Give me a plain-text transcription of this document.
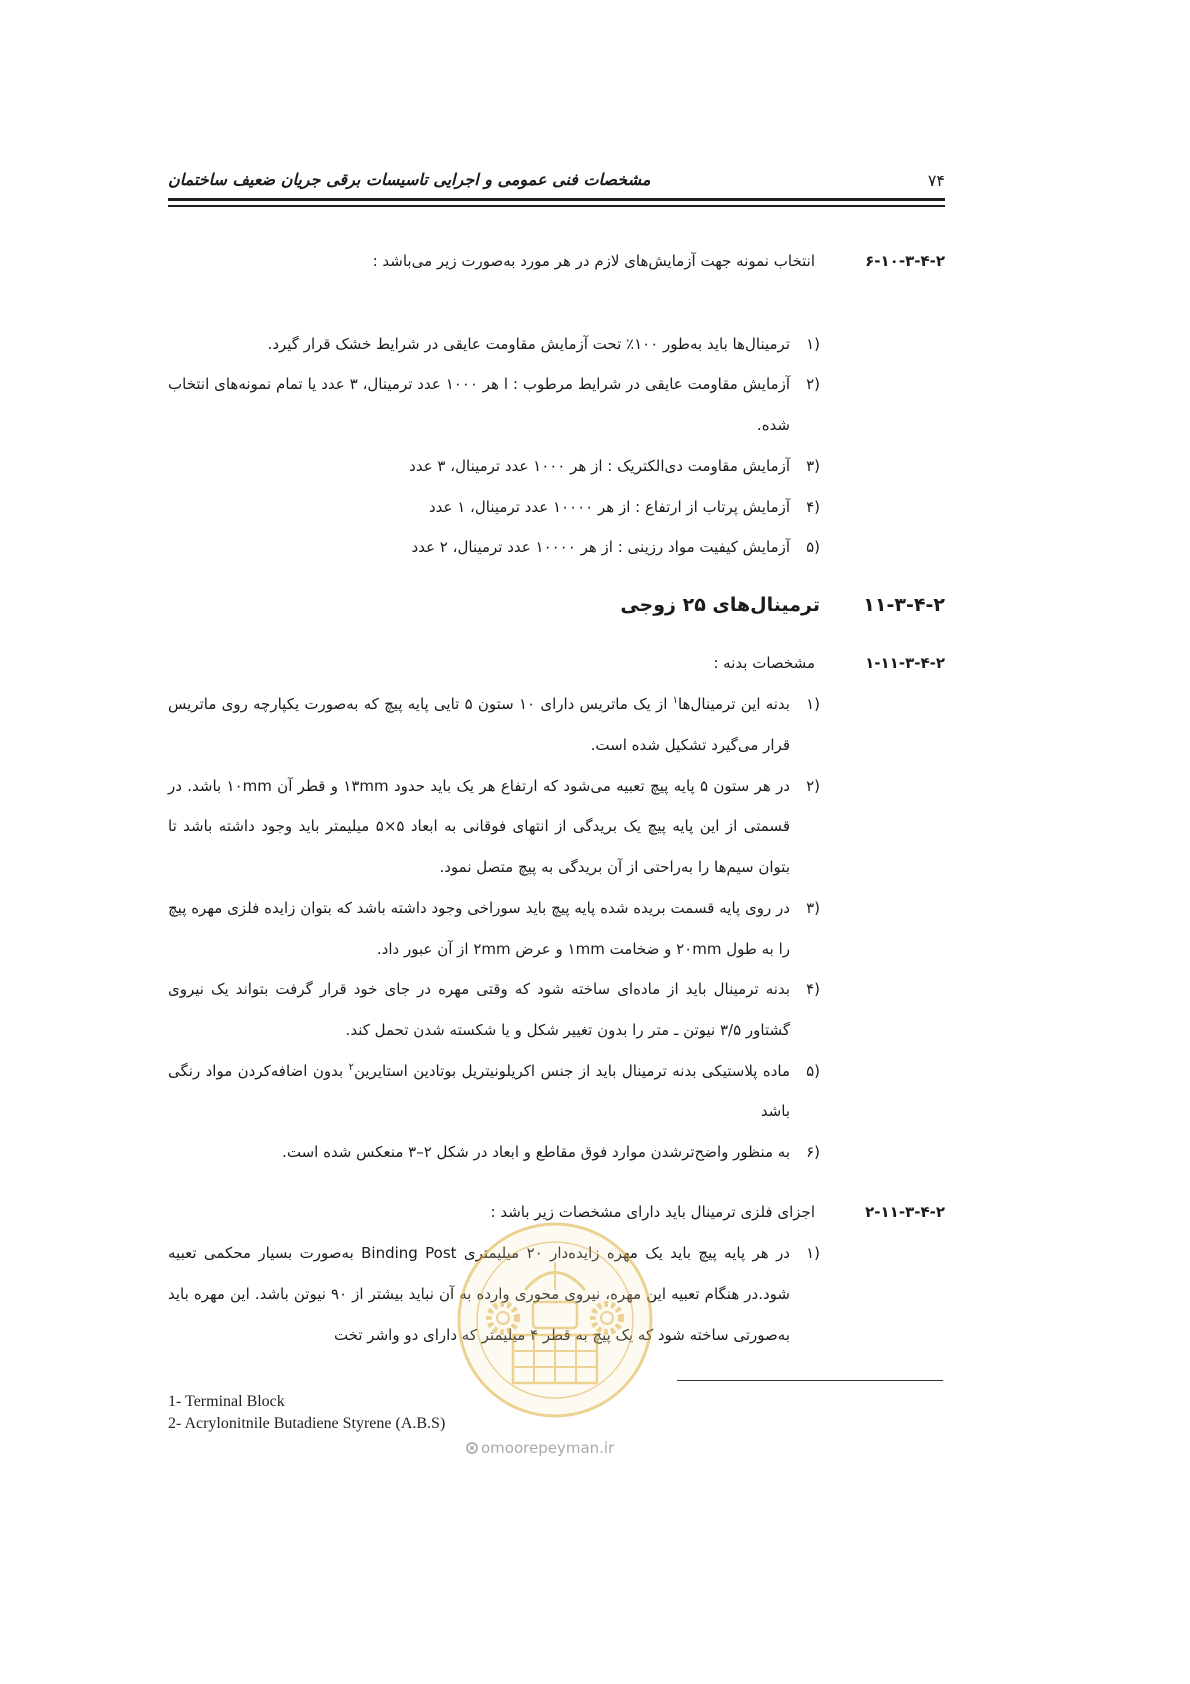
۷۴
مشخصات فنی عمومی و اجرایی تاسیسات برقی جریان ضعیف ساختمان
۲-۴-۳-۱۰-۶انتخاب نمونه جهت آزمایش‌های لازم در هر مورد به‌صورت زیر می‌باشد :
۱)
ترمینال‌ها باید به‌طور ۱۰۰٪ تحت آزمایش مقاومت عایقی در شرایط خشک قرار گیرد.
۲)
آزمایش مقاومت عایقی در شرایط مرطوب : ا هر ۱۰۰۰ عدد ترمینال، ۳ عدد یا تمام نمونه‌های انتخاب شده.
۳)
آزمایش مقاومت دی‌الکتریک : از هر ۱۰۰۰ عدد ترمینال، ۳ عدد
۴)
آزمایش پرتاب از ارتفاع : از هر ۱۰۰۰۰ عدد ترمینال، ۱ عدد
۵)
آزمایش کیفیت مواد رزینی : از هر ۱۰۰۰۰ عدد ترمینال، ۲ عدد
۲-۴-۳-۱۱ترمینال‌های ۲۵ زوجی
۲-۴-۳-۱۱-۱مشخصات بدنه :
۱)
بدنه این ترمینال‌ها$^۱$ از یک ماتریس دارای ۱۰ ستون ۵ تایی پایه پیچ که به‌صورت یکپارچه روی ماتریس قرار می‌گیرد تشکیل شده است.
۲)
در هر ستون ۵ پایه پیچ تعبیه می‌شود که ارتفاع هر یک باید حدود ۱۳mm و قطر آن ۱۰mm باشد. در قسمتی از این پایه پیچ یک بریدگی از انتهای فوقانی به ابعاد ۵×۵ میلیمتر باید وجود داشته باشد تا بتوان سیم‌ها را به‌راحتی از آن بریدگی به پیچ متصل نمود.
۳)
در روی پایه قسمت بریده شده پایه پیچ باید سوراخی وجود داشته باشد که بتوان زایده فلزی مهره پیچ را به طول ۲۰mm و ضخامت ۱mm و عرض ۲mm از آن عبور داد.
۴)
بدنه ترمینال باید از ماده‌ای ساخته شود که وقتی مهره در جای خود قرار گرفت بتواند یک نیروی گشتاور ۳/۵ نیوتن ـ متر را بدون تغییر شکل و یا شکسته شدن تحمل کند.
۵)
ماده پلاستیکی بدنه ترمینال باید از جنس اکریلونیتریل بوتادین استایرین$^۲$ بدون اضافه‌کردن مواد رنگی باشد
۶)
به منظور واضح‌ترشدن موارد فوق مقاطع و ابعاد در شکل ۲–۳ منعکس شده است.
۲-۴-۳-۱۱-۲اجزای فلزی ترمینال باید دارای مشخصات زیر باشد :
۱)
در هر پایه پیچ باید یک مهره زایده‌دار ۲۰ میلیمتری Binding Post به‌صورت بسیار محکمی تعبیه شود.در هنگام تعبیه این مهره، نیروی محوری وارده به آن نباید بیشتر از ۹۰ نیوتن باشد. این مهره باید به‌صورتی ساخته شود که یک پیچ به قطر ۴ میلیمتر که دارای دو واشر تخت
1- Terminal Block
2- Acrylonitnile Butadiene Styrene (A.B.S)
omoorepeyman.ir
